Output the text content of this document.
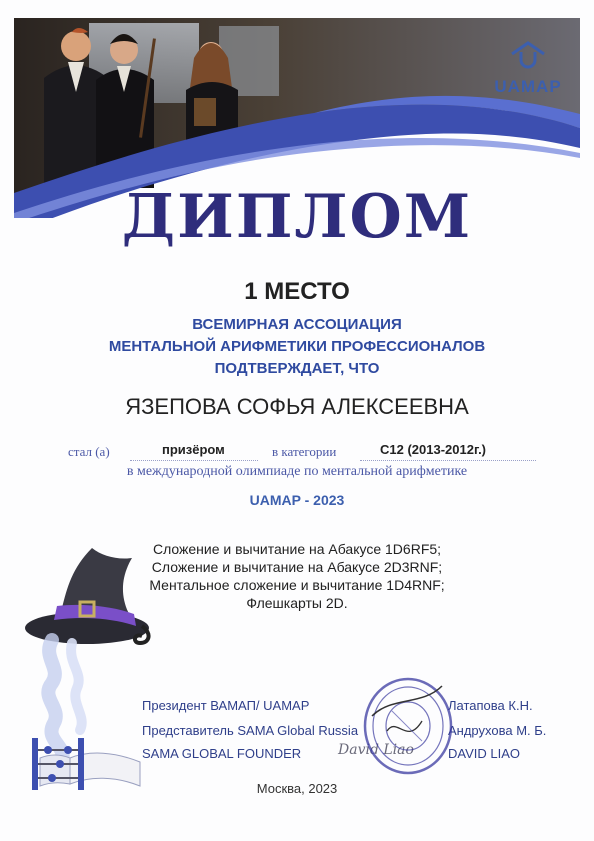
UAMAP
ДИПЛОМ
1 МЕСТО
ВСЕМИРНАЯ АССОЦИАЦИЯ
МЕНТАЛЬНОЙ АРИФМЕТИКИ ПРОФЕССИОНАЛОВ
ПОДТВЕРЖДАЕТ, ЧТО
ЯЗЕПОВА СОФЬЯ АЛЕКСЕЕВНА
стал (а)	призёром	в категории	С12 (2013-2012г.)
в международной олимпиаде по ментальной арифметике
UAMAP - 2023
Сложение и вычитание на Абакусе 1D6RF5;
Сложение и вычитание на Абакусе 2D3RNF;
Ментальное сложение и вычитание 1D4RNF;
Флешкарты 2D.
Президент ВАМАП/ UAMAP	Латапова К.Н.
Представитель SAMA Global Russia	Андрухова М. Б.
SAMA GLOBAL FOUNDER	DAVID LIAO
David Liao
Москва, 2023
